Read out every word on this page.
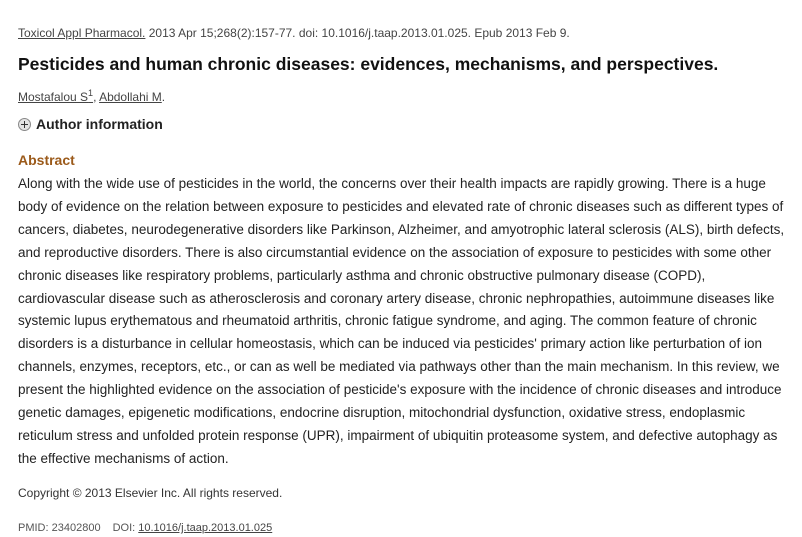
Toxicol Appl Pharmacol. 2013 Apr 15;268(2):157-77. doi: 10.1016/j.taap.2013.01.025. Epub 2013 Feb 9.
Pesticides and human chronic diseases: evidences, mechanisms, and perspectives.
Mostafalou $S^1$, Abdollahi M.
Author information
Abstract

Along with the wide use of pesticides in the world, the concerns over their health impacts are rapidly growing. There is a huge body of evidence on the relation between exposure to pesticides and elevated rate of chronic diseases such as different types of cancers, diabetes, neurodegenerative disorders like Parkinson, Alzheimer, and amyotrophic lateral sclerosis (ALS), birth defects, and reproductive disorders. There is also circumstantial evidence on the association of exposure to pesticides with some other chronic diseases like respiratory problems, particularly asthma and chronic obstructive pulmonary disease (COPD), cardiovascular disease such as atherosclerosis and coronary artery disease, chronic nephropathies, autoimmune diseases like systemic lupus erythematous and rheumatoid arthritis, chronic fatigue syndrome, and aging. The common feature of chronic disorders is a disturbance in cellular homeostasis, which can be induced via pesticides' primary action like perturbation of ion channels, enzymes, receptors, etc., or can as well be mediated via pathways other than the main mechanism. In this review, we present the highlighted evidence on the association of pesticide's exposure with the incidence of chronic diseases and introduce genetic damages, epigenetic modifications, endocrine disruption, mitochondrial dysfunction, oxidative stress, endoplasmic reticulum stress and unfolded protein response (UPR), impairment of ubiquitin proteasome system, and defective autophagy as the effective mechanisms of action.

Copyright © 2013 Elsevier Inc. All rights reserved.
PMID: 23402800 DOI: 10.1016/j.taap.2013.01.025
